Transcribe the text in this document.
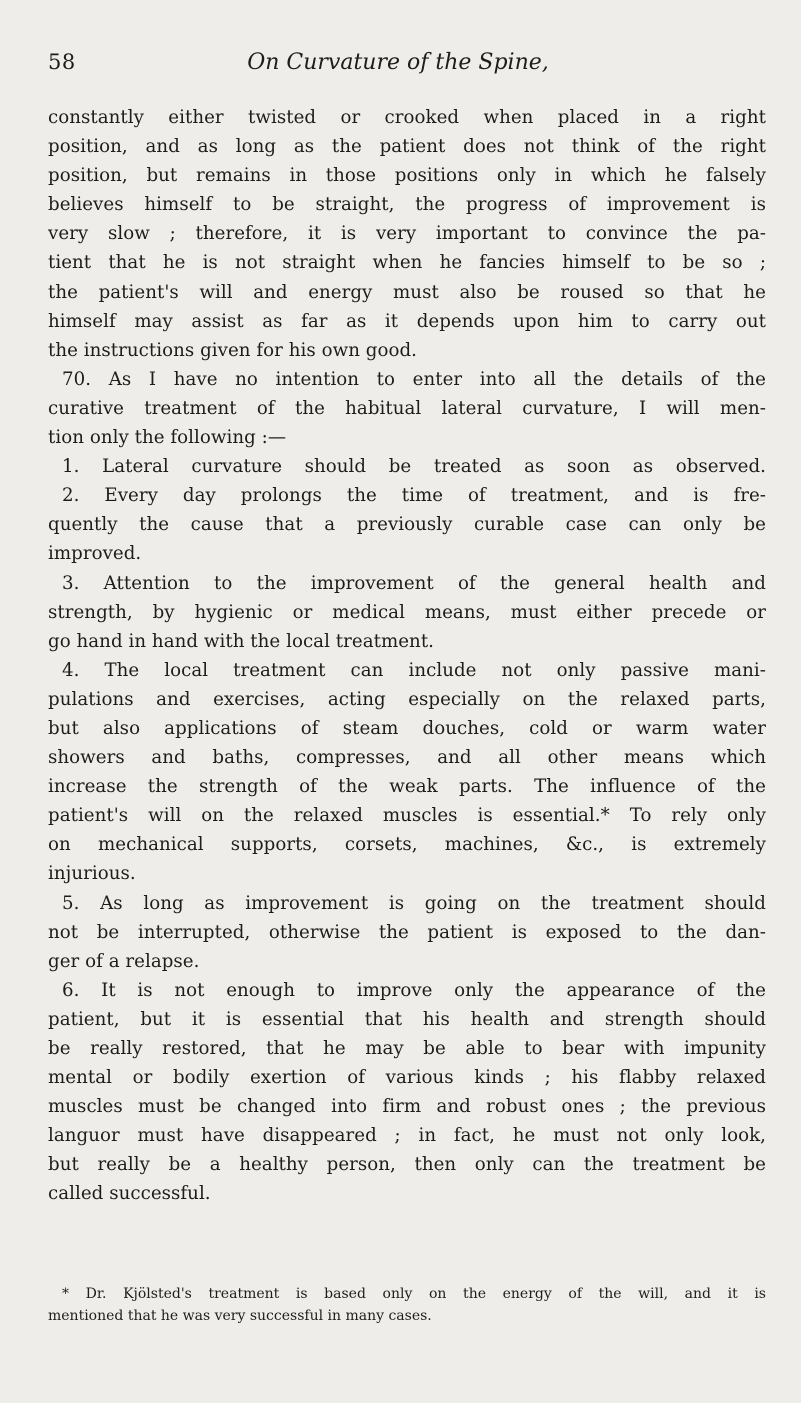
58	On Curvature of the Spine,
constantly either twisted or crooked when placed in a right
position, and as long as the patient does not think of the right
position, but remains in those positions only in which he falsely
believes himself to be straight, the progress of improvement is
very slow ; therefore, it is very important to convince the pa-
tient that he is not straight when he fancies himself to be so ;
the patient's will and energy must also be roused so that he
himself may assist as far as it depends upon him to carry out
the instructions given for his own good.
70. As I have no intention to enter into all the details of the
curative treatment of the habitual lateral curvature, I will men-
tion only the following :—
1. Lateral curvature should be treated as soon as observed.
2. Every day prolongs the time of treatment, and is fre-
quently the cause that a previously curable case can only be
improved.
3. Attention to the improvement of the general health and
strength, by hygienic or medical means, must either precede or
go hand in hand with the local treatment.
4. The local treatment can include not only passive mani-
pulations and exercises, acting especially on the relaxed parts,
but also applications of steam douches, cold or warm water
showers and baths, compresses, and all other means which
increase the strength of the weak parts. The influence of the
patient's will on the relaxed muscles is essential.* To rely only
on mechanical supports, corsets, machines, &c., is extremely
injurious.
5. As long as improvement is going on the treatment should
not be interrupted, otherwise the patient is exposed to the dan-
ger of a relapse.
6. It is not enough to improve only the appearance of the
patient, but it is essential that his health and strength should
be really restored, that he may be able to bear with impunity
mental or bodily exertion of various kinds ; his flabby relaxed
muscles must be changed into firm and robust ones ; the previous
languor must have disappeared ; in fact, he must not only look,
but really be a healthy person, then only can the treatment be
called successful.
* Dr. Kjölsted's treatment is based only on the energy of the will, and it is
mentioned that he was very successful in many cases.
